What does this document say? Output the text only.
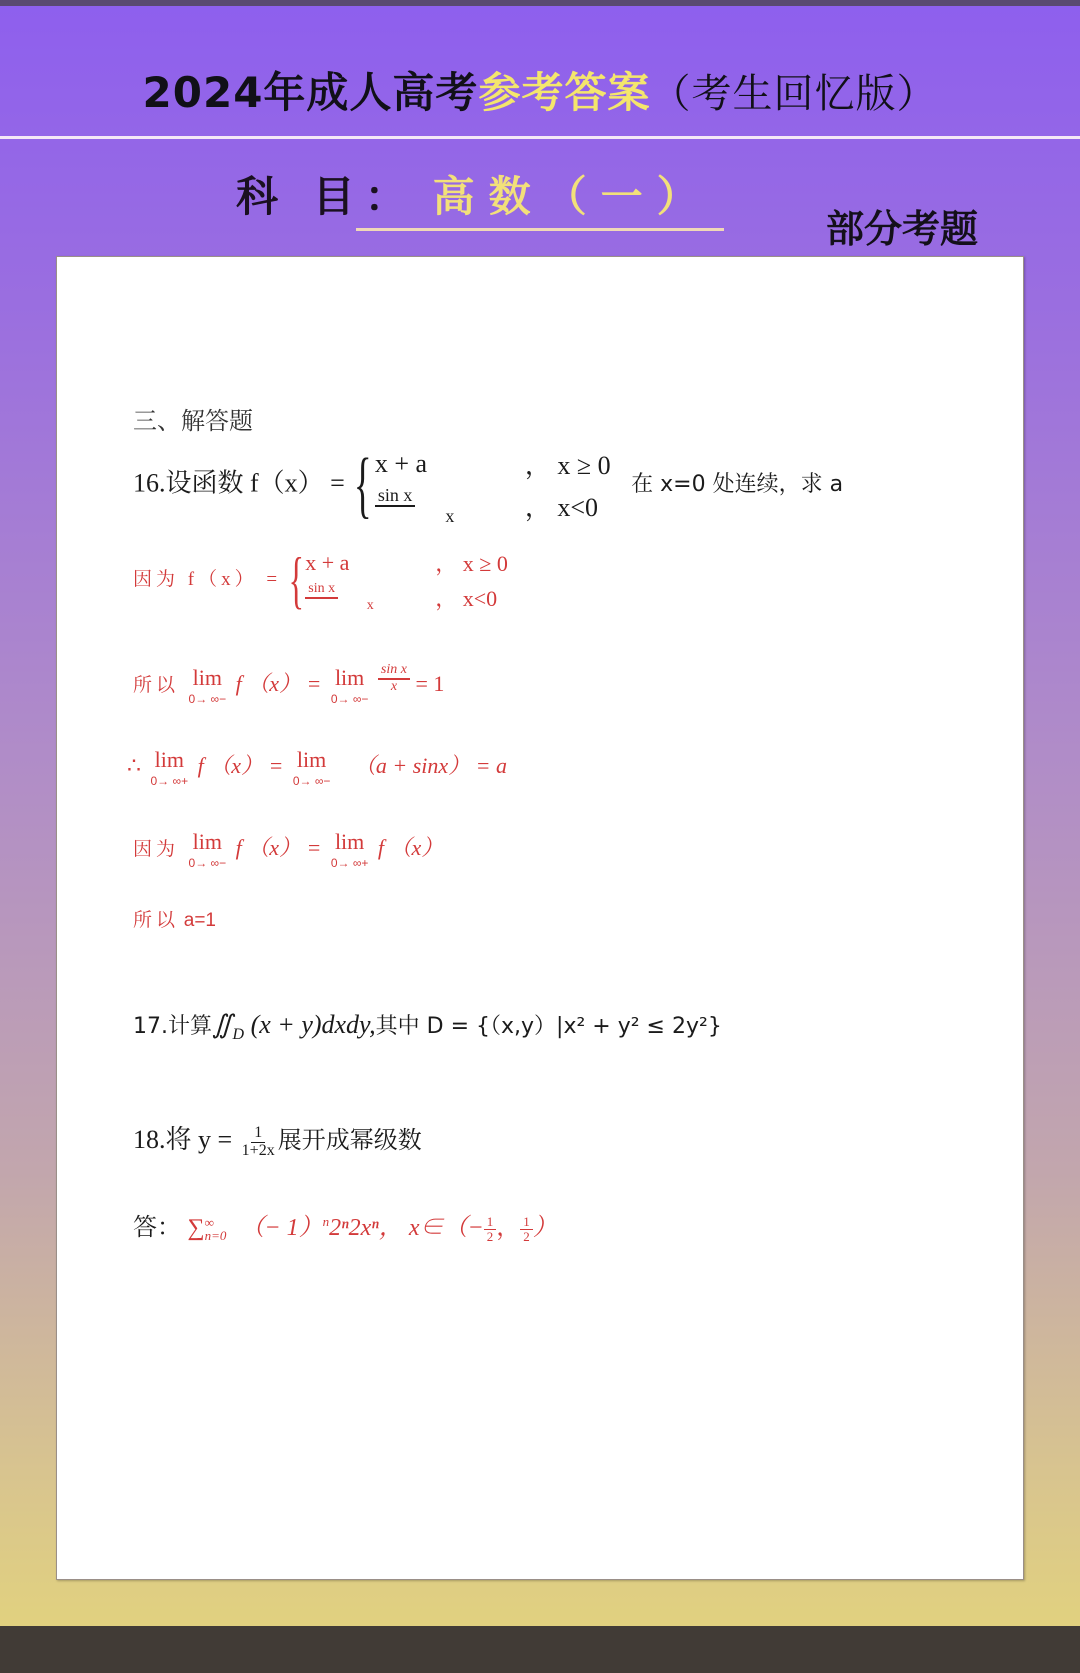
2024年成人高考参考答案（考生回忆版）
科 目： 高数（一）
部分考题
三、解答题
16.设函数 f（x） = { x + a	， x ≥ 0
sin x
x	， x<0
在 x=0 处连续，求 a
因为 f（x） = { x + a	， x ≥ 0
sin x
x	， x<0
所以 lim
0→ ∞−
f （x） = lim
0→ ∞−

$\frac{\text{sin x}}{x} = 1$
∴ lim
0→ ∞+
f （x） = lim
0→ ∞−
（a + sinx） = a
因为 lim
0→ ∞−
f （x） = lim
0→ ∞+
f （x）
所以 a=1
17.计算$∬_D$ (x + y)dxdy,其中 D = {（x,y）|x² + y² ≤ 2y²}
18.将 $y = \frac{1}{1+2x}$ 展开成幂级数
答： ∑ ∞
n=0 （− 1）$^n$2ⁿ2xⁿ， x∈（− $\frac{1}{2}$ ， $\frac{1}{2}$ ）
